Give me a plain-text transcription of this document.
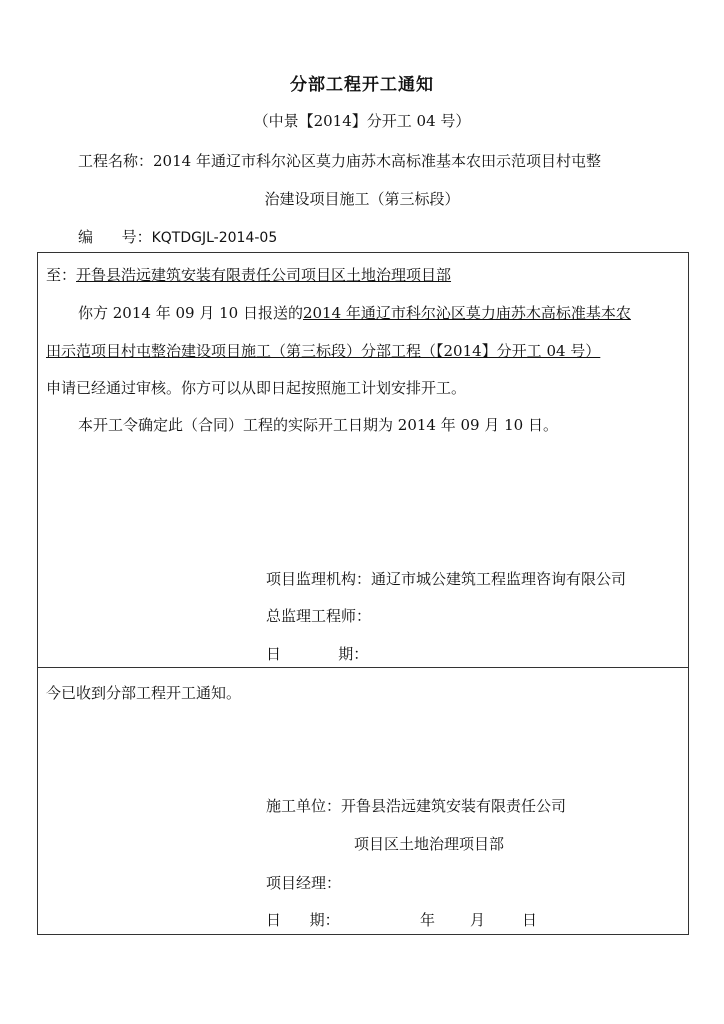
分部工程开工通知
（中景【2014】分开工 04 号）
工程名称：2014 年通辽市科尔沁区莫力庙苏木高标准基本农田示范项目村屯整
治建设项目施工（第三标段）
编      号：KQTDGJL-2014-05
至：开鲁县浩远建筑安装有限责任公司项目区土地治理项目部
你方 2014 年 09 月 10 日报送的2014 年通辽市科尔沁区莫力庙苏木高标准基本农
田示范项目村屯整治建设项目施工（第三标段）分部工程（【2014】分开工 04 号）
申请已经通过审核。你方可以从即日起按照施工计划安排开工。
本开工令确定此（合同）工程的实际开工日期为 2014 年 09 月 10 日。
项目监理机构：通辽市城公建筑工程监理咨询有限公司
总监理工程师：
日            期：
今已收到分部工程开工通知。
施工单位：开鲁县浩远建筑安装有限责任公司
项目区土地治理项目部
项目经理：
日      期：	年 月 日
